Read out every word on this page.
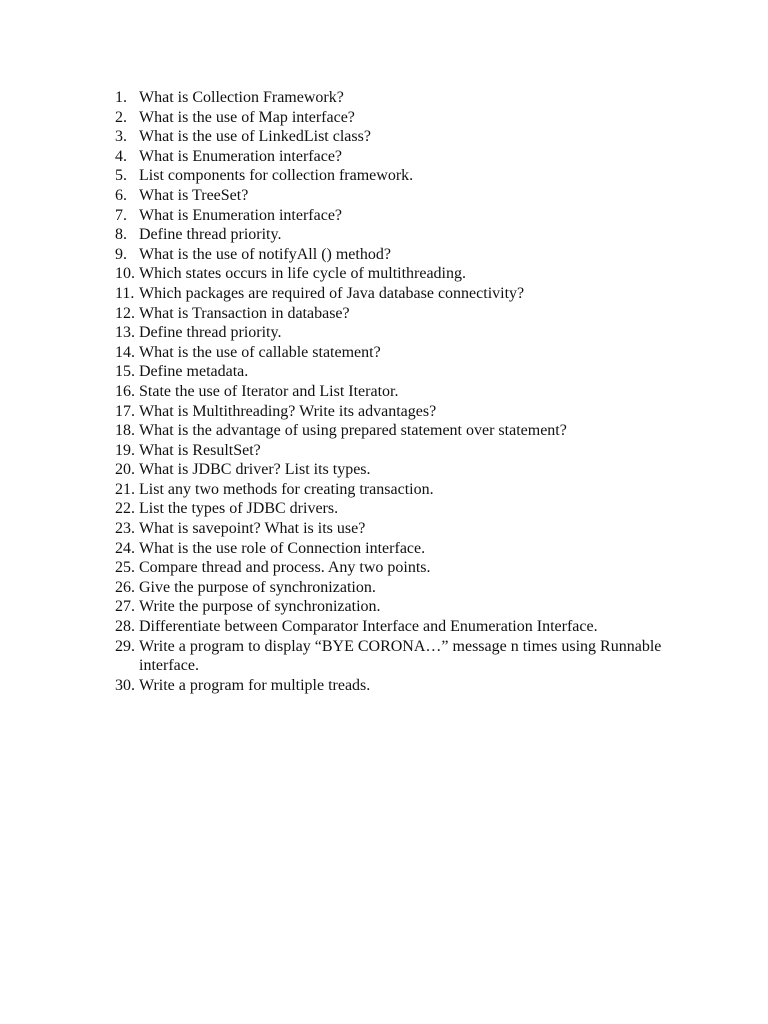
1. What is Collection Framework?
2. What is the use of Map interface?
3. What is the use of LinkedList class?
4. What is Enumeration interface?
5. List components for collection framework.
6. What is TreeSet?
7. What is Enumeration interface?
8. Define thread priority.
9. What is the use of notifyAll () method?
10. Which states occurs in life cycle of multithreading.
11. Which packages are required of Java database connectivity?
12. What is Transaction in database?
13. Define thread priority.
14. What is the use of callable statement?
15. Define metadata.
16. State the use of Iterator and List Iterator.
17. What is Multithreading? Write its advantages?
18. What is the advantage of using prepared statement over statement?
19. What is ResultSet?
20. What is JDBC driver? List its types.
21. List any two methods for creating transaction.
22. List the types of JDBC drivers.
23. What is savepoint? What is its use?
24. What is the use role of Connection interface.
25. Compare thread and process. Any two points.
26. Give the purpose of synchronization.
27. Write the purpose of synchronization.
28. Differentiate between Comparator Interface and Enumeration Interface.
29. Write a program to display “BYE CORONA…” message n times using Runnable interface.
30. Write a program for multiple treads.
